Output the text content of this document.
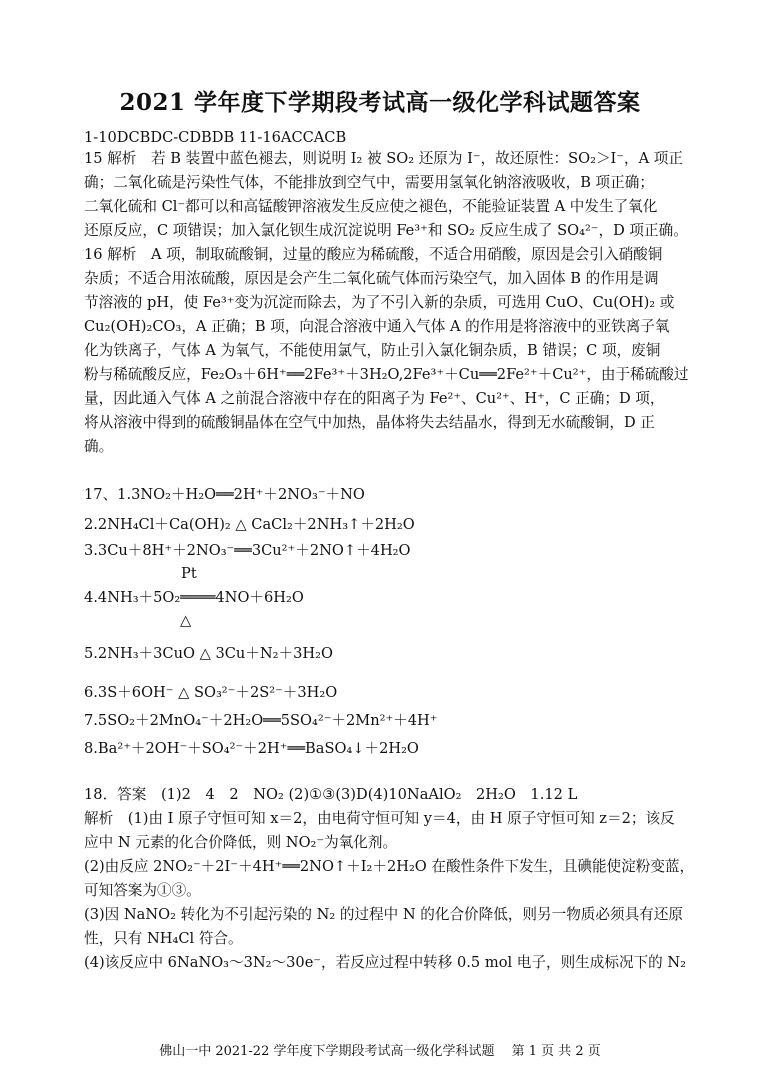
2021 学年度下学期段考试高一级化学科试题答案
1-10DCBDC-CDBDB 11-16ACCACB
15 解析　若 B 装置中蓝色褪去，则说明 I₂ 被 SO₂ 还原为 I⁻，故还原性：SO₂＞I⁻，A 项正
确；二氧化硫是污染性气体，不能排放到空气中，需要用氢氧化钠溶液吸收，B 项正确；
二氧化硫和 Cl⁻都可以和高锰酸钾溶液发生反应使之褪色，不能验证装置 A 中发生了氧化
还原反应，C 项错误；加入氯化钡生成沉淀说明 Fe³⁺和 SO₂ 反应生成了 SO₄²⁻，D 项正确。
16 解析　A 项，制取硫酸铜，过量的酸应为稀硫酸，不适合用硝酸，原因是会引入硝酸铜
杂质；不适合用浓硫酸，原因是会产生二氧化硫气体而污染空气，加入固体 B 的作用是调
节溶液的 pH，使 Fe³⁺变为沉淀而除去，为了不引入新的杂质，可选用 CuO、Cu(OH)₂ 或
Cu₂(OH)₂CO₃，A 正确；B 项，向混合溶液中通入气体 A 的作用是将溶液中的亚铁离子氧
化为铁离子，气体 A 为氧气，不能使用氯气，防止引入氯化铜杂质，B 错误；C 项，废铜
粉与稀硫酸反应，Fe₂O₃＋6H⁺══2Fe³⁺＋3H₂O,2Fe³⁺＋Cu══2Fe²⁺＋Cu²⁺，由于稀硫酸过
量，因此通入气体 A 之前混合溶液中存在的阳离子为 Fe²⁺、Cu²⁺、H⁺，C 正确；D 项，
将从溶液中得到的硫酸铜晶体在空气中加热，晶体将失去结晶水，得到无水硫酸铜，D 正
确。
17、1.3NO₂＋H₂O══2H⁺＋2NO₃⁻＋NO
2.2NH₄Cl＋Ca(OH)₂ △ CaCl₂＋2NH₃↑＋2H₂O
3.3Cu＋8H⁺＋2NO₃⁻══3Cu²⁺＋2NO↑＋4H₂O
Pt
4.4NH₃＋5O₂════4NO＋6H₂O
△
5.2NH₃＋3CuO △ 3Cu＋N₂＋3H₂O
6.3S＋6OH⁻ △ SO₃²⁻＋2S²⁻＋3H₂O
7.5SO₂＋2MnO₄⁻＋2H₂O══5SO₄²⁻＋2Mn²⁺＋4H⁺
8.Ba²⁺＋2OH⁻＋SO₄²⁻＋2H⁺══BaSO₄↓＋2H₂O
18．答案　(1)2　4　2　NO₂ (2)①③(3)D(4)10NaAlO₂　2H₂O　1.12 L
解析　(1)由 I 原子守恒可知 x＝2，由电荷守恒可知 y＝4，由 H 原子守恒可知 z＝2；该反
应中 N 元素的化合价降低，则 NO₂⁻为氧化剂。
(2)由反应 2NO₂⁻＋2I⁻＋4H⁺══2NO↑＋I₂＋2H₂O 在酸性条件下发生，且碘能使淀粉变蓝，
可知答案为①③。
(3)因 NaNO₂ 转化为不引起污染的 N₂ 的过程中 N 的化合价降低，则另一物质必须具有还原
性，只有 NH₄Cl 符合。
(4)该反应中 6NaNO₃～3N₂～30e⁻，若反应过程中转移 0.5 mol 电子，则生成标况下的 N₂
佛山一中 2021-22 学年度下学期段考试高一级化学科试题　 第 1 页 共 2 页
